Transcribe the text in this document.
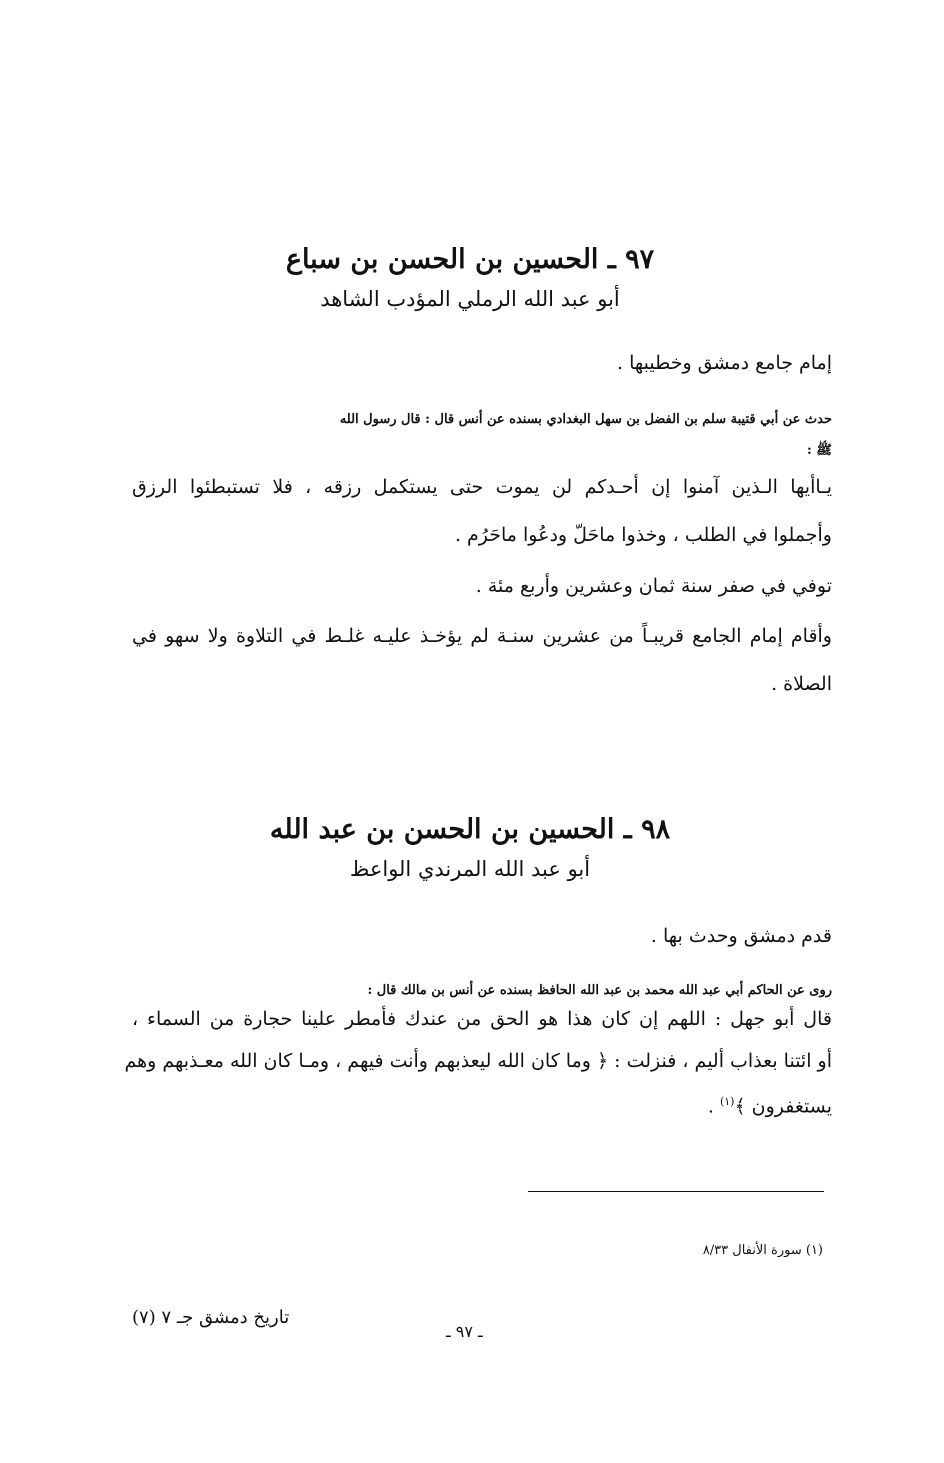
٩٧ ـ الحسين بن الحسن بن سباع
أبو عبد الله الرملي المؤدب الشاهد
إمام جامع دمشق وخطيبها .
حدث عن أبي قتيبة سلم بن الفضل بن سهل البغدادي بسنده عن أنس قال : قال رسول الله
ﷺ :
يـاأيها الـذين آمنوا إن أحـدكم لن يموت حتى يستكمل رزقه ، فلا تستبطئوا الرزق
وأجملوا في الطلب ، وخذوا ماحَلّ ودعُوا ماحَرُم .
توفي في صفر سنة ثمان وعشرين وأربع مئة .
وأقام إمام الجامع قريبـاً من عشرين سنـة لم يؤخـذ عليـه غلـط في التلاوة ولا سهو في
الصلاة .
٩٨ ـ الحسين بن الحسن بن عبد الله
أبو عبد الله المرندي الواعظ
قدم دمشق وحدث بها .
روى عن الحاكم أبي عبد الله محمد بن عبد الله الحافظ بسنده عن أنس بن مالك قال :
قال أبو جهل : اللهم إن كان هذا هو الحق من عندك فأمطر علينا حجارة من السماء ،
أو ائتنا بعذاب أليم ، فنزلت : ﴿ وما كان الله ليعذبهم وأنت فيهم ، ومـا كان الله معـذبهم وهم
يستغفرون ﴾$^{(١)}$ .
(١) سورة الأنفال ٨/٣٣
تاريخ دمشق جـ ٧ (٧)
ـ ٩٧ ـ
